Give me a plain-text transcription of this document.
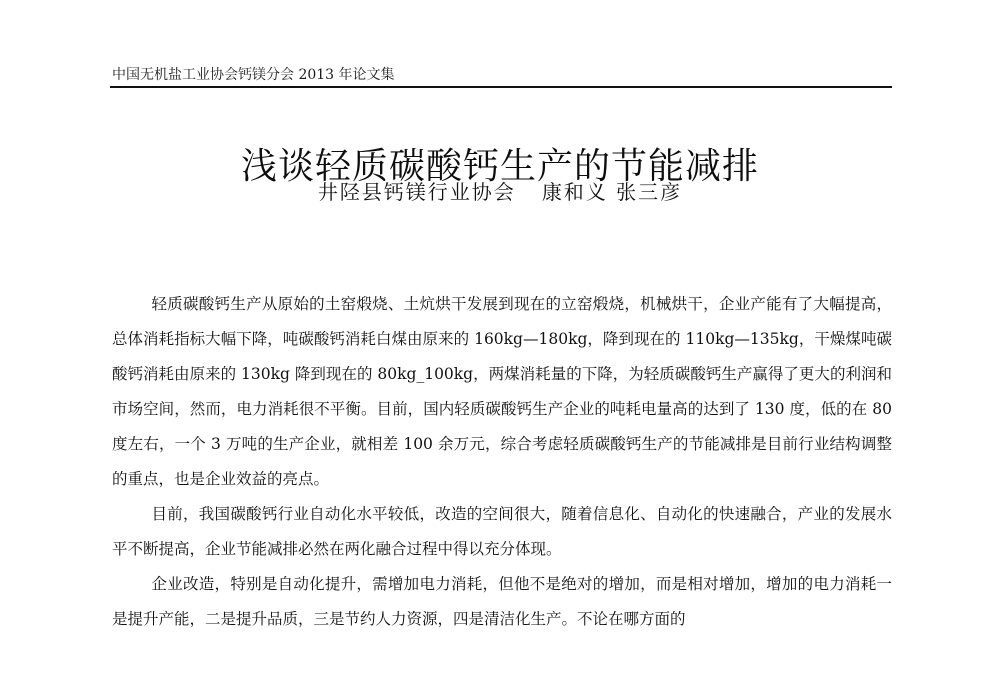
中国无机盐工业协会钙镁分会 2013 年论文集
浅谈轻质碳酸钙生产的节能减排
井陉县钙镁行业协会 康和义 张三彦

轻质碳酸钙生产从原始的土窑煅烧、土炕烘干发展到现在的立窑煅烧，机械烘干，企业产能有了大幅提高，总体消耗指标大幅下降，吨碳酸钙消耗白煤由原来的 160kg—180kg，降到现在的 110kg—135kg，干燥煤吨碳酸钙消耗由原来的 130kg 降到现在的 80kg_100kg，两煤消耗量的下降，为轻质碳酸钙生产赢得了更大的利润和市场空间，然而，电力消耗很不平衡。目前，国内轻质碳酸钙生产企业的吨耗电量高的达到了 130 度，低的在 80 度左右，一个 3 万吨的生产企业，就相差 100 余万元，综合考虑轻质碳酸钙生产的节能减排是目前行业结构调整的重点，也是企业效益的亮点。

目前，我国碳酸钙行业自动化水平较低，改造的空间很大，随着信息化、自动化的快速融合，产业的发展水平不断提高，企业节能减排必然在两化融合过程中得以充分体现。

企业改造，特别是自动化提升，需增加电力消耗，但他不是绝对的增加，而是相对增加，增加的电力消耗一是提升产能，二是提升品质，三是节约人力资源，四是清洁化生产。不论在哪方面的
